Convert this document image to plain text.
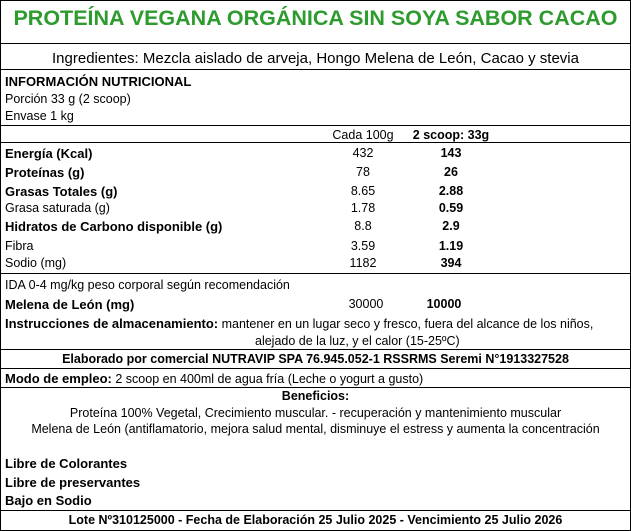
PROTEÍNA VEGANA ORGÁNICA SIN SOYA SABOR CACAO
Ingredientes: Mezcla aislado de arveja, Hongo Melena de León, Cacao y stevia
INFORMACIÓN NUTRICIONAL
Porción 33 g (2 scoop)
Envase 1 kg
Cada 100g	2 scoop: 33g
Energía (Kcal)	432	143
Proteínas (g)	78	26
Grasas Totales (g)	8.65	2.88
Grasa saturada (g)	1.78	0.59
Hidratos de Carbono disponible (g)	8.8	2.9
Fibra	3.59	1.19
Sodio (mg)	1182	394
IDA 0-4 mg/kg peso corporal según recomendación
Melena de León (mg)	30000	10000
Instrucciones de almacenamiento: mantener en un lugar seco y fresco, fuera del alcance de los niños,
alejado de la luz, y el calor (15-25ºC)
Elaborado por comercial NUTRAVIP SPA 76.945.052-1 RSSRMS Seremi N°1913327528
Modo de empleo: 2 scoop en 400ml de agua fría (Leche o yogurt a gusto)
Beneficios:
Proteína 100% Vegetal, Crecimiento muscular. - recuperación y mantenimiento muscular
Melena de León (antiflamatorio, mejora salud mental, disminuye el estress y aumenta la concentración
Libre de Colorantes
Libre de preservantes
Bajo en Sodio
Lote Nº310125000 - Fecha de Elaboración 25 Julio 2025 - Vencimiento 25 Julio 2026
